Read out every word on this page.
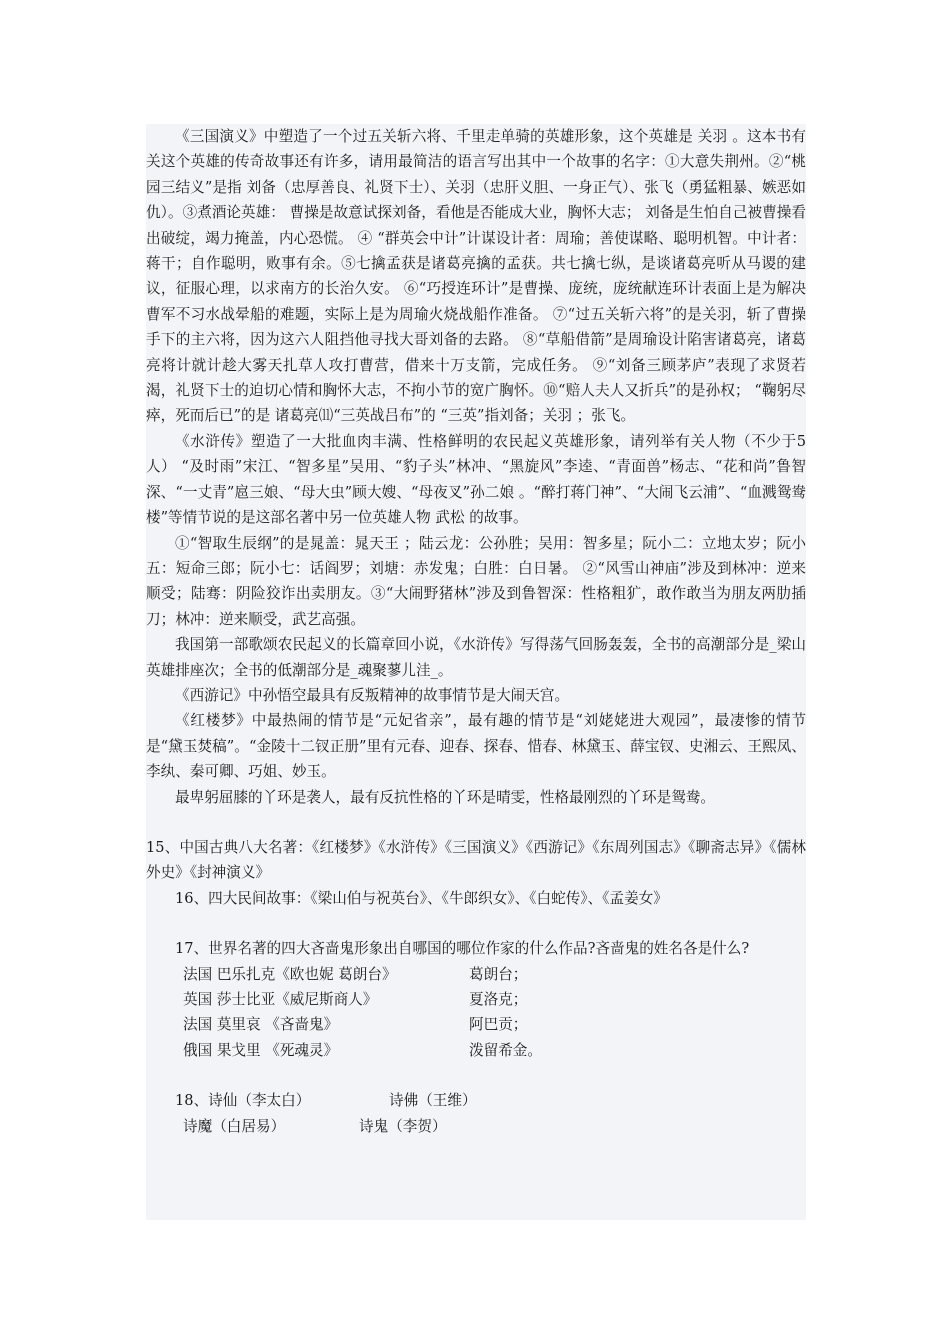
《三国演义》中塑造了一个过五关斩六将、千里走单骑的英雄形象，这个英雄是 关羽 。这本书有关这个英雄的传奇故事还有许多，请用最简洁的语言写出其中一个故事的名字：①大意失荆州。②“桃园三结义”是指 刘备（忠厚善良、礼贤下士）、关羽（忠肝义胆、一身正气）、张飞（勇猛粗暴、嫉恶如仇）。③煮酒论英雄： 曹操是故意试探刘备，看他是否能成大业，胸怀大志； 刘备是生怕自己被曹操看出破绽，竭力掩盖，内心恐慌。 ④ “群英会中计”计谋设计者：周瑜；善使谋略、聪明机智。中计者：蒋干；自作聪明，败事有余。⑤七擒孟获是诸葛亮擒的孟获。共七擒七纵，是谈诸葛亮听从马谡的建议，征服心理，以求南方的长治久安。 ⑥“巧授连环计”是曹操、庞统，庞统献连环计表面上是为解决曹军不习水战晕船的难题，实际上是为周瑜火烧战船作准备。 ⑦“过五关斩六将”的是关羽，斩了曹操手下的主六将，因为这六人阻挡他寻找大哥刘备的去路。 ⑧“草船借箭”是周瑜设计陷害诸葛亮，诸葛亮将计就计趁大雾天扎草人攻打曹营，借来十万支箭，完成任务。 ⑨“刘备三顾茅庐”表现了求贤若渴，礼贤下士的迫切心情和胸怀大志，不拘小节的宽广胸怀。⑩“赔人夫人又折兵”的是孙权； “鞠躬尽瘁，死而后已”的是 诸葛亮⑾“三英战吕布”的 “三英”指刘备；关羽 ；张飞。

《水浒传》塑造了一大批血肉丰满、性格鲜明的农民起义英雄形象，请列举有关人物（不少于5人） “及时雨”宋江、“智多星”吴用、“豹子头”林冲、“黑旋风”李逵、“青面兽”杨志、“花和尚”鲁智深、“一丈青”扈三娘、“母大虫”顾大嫂、“母夜叉”孙二娘 。“醉打蒋门神”、“大闹飞云浦”、“血溅鸳鸯楼”等情节说的是这部名著中另一位英雄人物 武松 的故事。

①“智取生辰纲”的是晁盖：晁天王 ；陆云龙：公孙胜；吴用：智多星；阮小二：立地太岁；阮小五：短命三郎；阮小七：话阎罗；刘塘：赤发鬼；白胜：白日暑。 ②“风雪山神庙”涉及到林冲：逆来顺受；陆骞：阴险狡诈出卖朋友。③“大闹野猪林”涉及到鲁智深：性格粗犷，敢作敢当为朋友两肋插刀；林冲：逆来顺受，武艺高强。

我国第一部歌颂农民起义的长篇章回小说，《水浒传》写得荡气回肠轰轰，全书的高潮部分是_梁山英雄排座次；全书的低潮部分是_魂聚蓼儿洼_。

《西游记》中孙悟空最具有反叛精神的故事情节是大闹天宫。

《红楼梦》中最热闹的情节是“元妃省亲”，最有趣的情节是“刘姥姥进大观园”，最凄惨的情节是“黛玉焚稿”。“金陵十二钗正册”里有元春、迎春、探春、惜春、林黛玉、薛宝钗、史湘云、王熙凤、李纨、秦可卿、巧姐、妙玉。

最卑躬屈膝的丫环是袭人，最有反抗性格的丫环是晴雯，性格最刚烈的丫环是鸳鸯。

15、中国古典八大名著：《红楼梦》《水浒传》《三国演义》《西游记》《东周列国志》《聊斋志异》《儒林外史》《封神演义》

16、四大民间故事：《梁山伯与祝英台》、《牛郎织女》、《白蛇传》、《孟姜女》

17、世界名著的四大吝啬鬼形象出自哪国的哪位作家的什么作品?吝啬鬼的姓名各是什么?

法国 巴乐扎克《欧也妮 葛朗台》	葛朗台；
英国 莎士比亚《威尼斯商人》	夏洛克；
法国 莫里哀 《吝啬鬼》	阿巴贡；
俄国 果戈里 《死魂灵》	泼留希金。
18、诗仙（李太白）	诗佛（王维）
诗魔（白居易）	诗鬼（李贺）
